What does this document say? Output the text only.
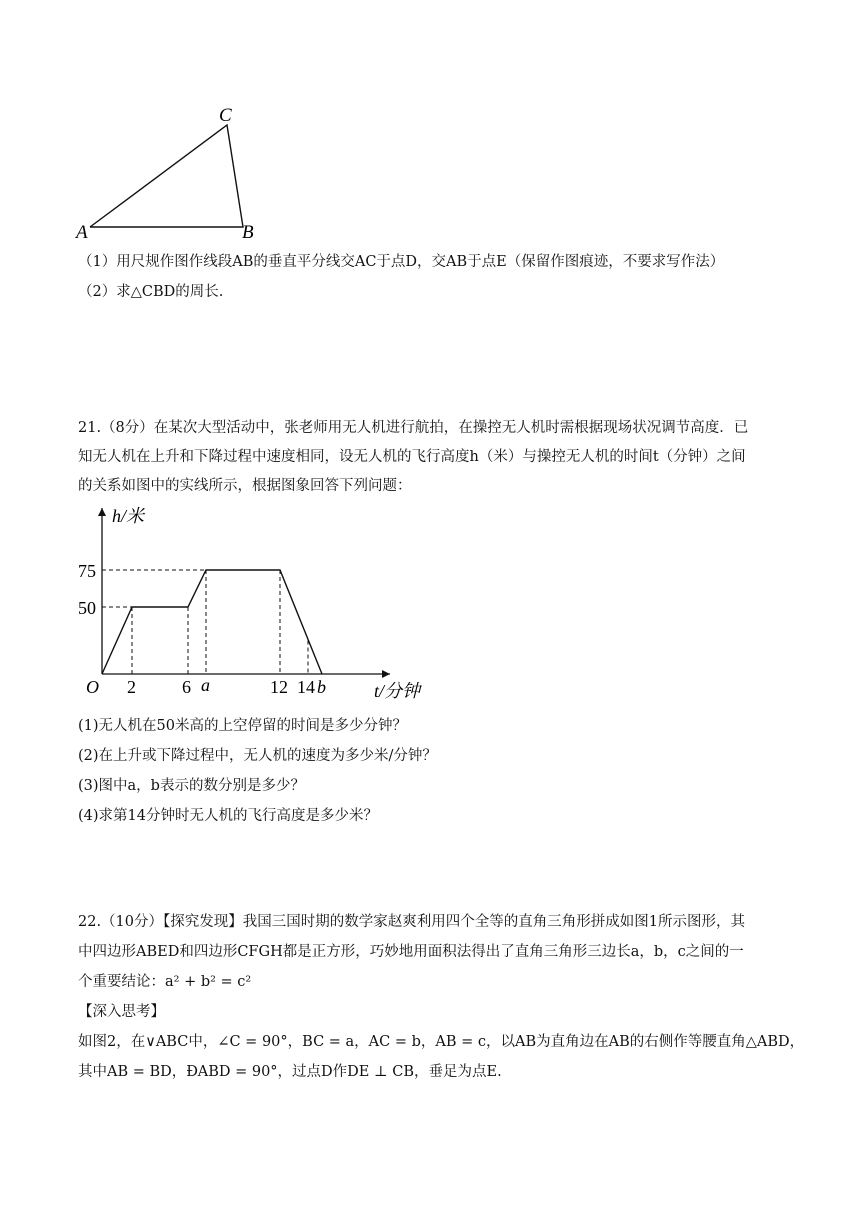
C
A	B
（1）用尺规作图作线段AB的垂直平分线交AC于点D，交AB于点E（保留作图痕迹，不要求写作法）
（2）求△CBD的周长.
21.（8分）在某次大型活动中，张老师用无人机进行航拍，在操控无人机时需根据现场状况调节高度．已
知无人机在上升和下降过程中速度相同，设无人机的飞行高度h（米）与操控无人机的时间t（分钟）之间
的关系如图中的实线所示，根据图象回答下列问题：
h/米
t/分钟
O
50
75
2	6 a	12 14 b
(1)无人机在50米高的上空停留的时间是多少分钟？
(2)在上升或下降过程中，无人机的速度为多少米/分钟？
(3)图中a，b表示的数分别是多少？
(4)求第14分钟时无人机的飞行高度是多少米？
22.（10分）【探究发现】我国三国时期的数学家赵爽利用四个全等的直角三角形拼成如图1所示图形，其
中四边形ABED和四边形CFGH都是正方形，巧妙地用面积法得出了直角三角形三边长a，b，c之间的一
个重要结论：a² + b² = c²
【深入思考】
如图2，在∨ABC中，∠C = 90°，BC = a，AC = b，AB = c，以AB为直角边在AB的右侧作等腰直角△ABD，
其中AB = BD，ÐABD = 90°，过点D作DE ⊥ CB，垂足为点E.
